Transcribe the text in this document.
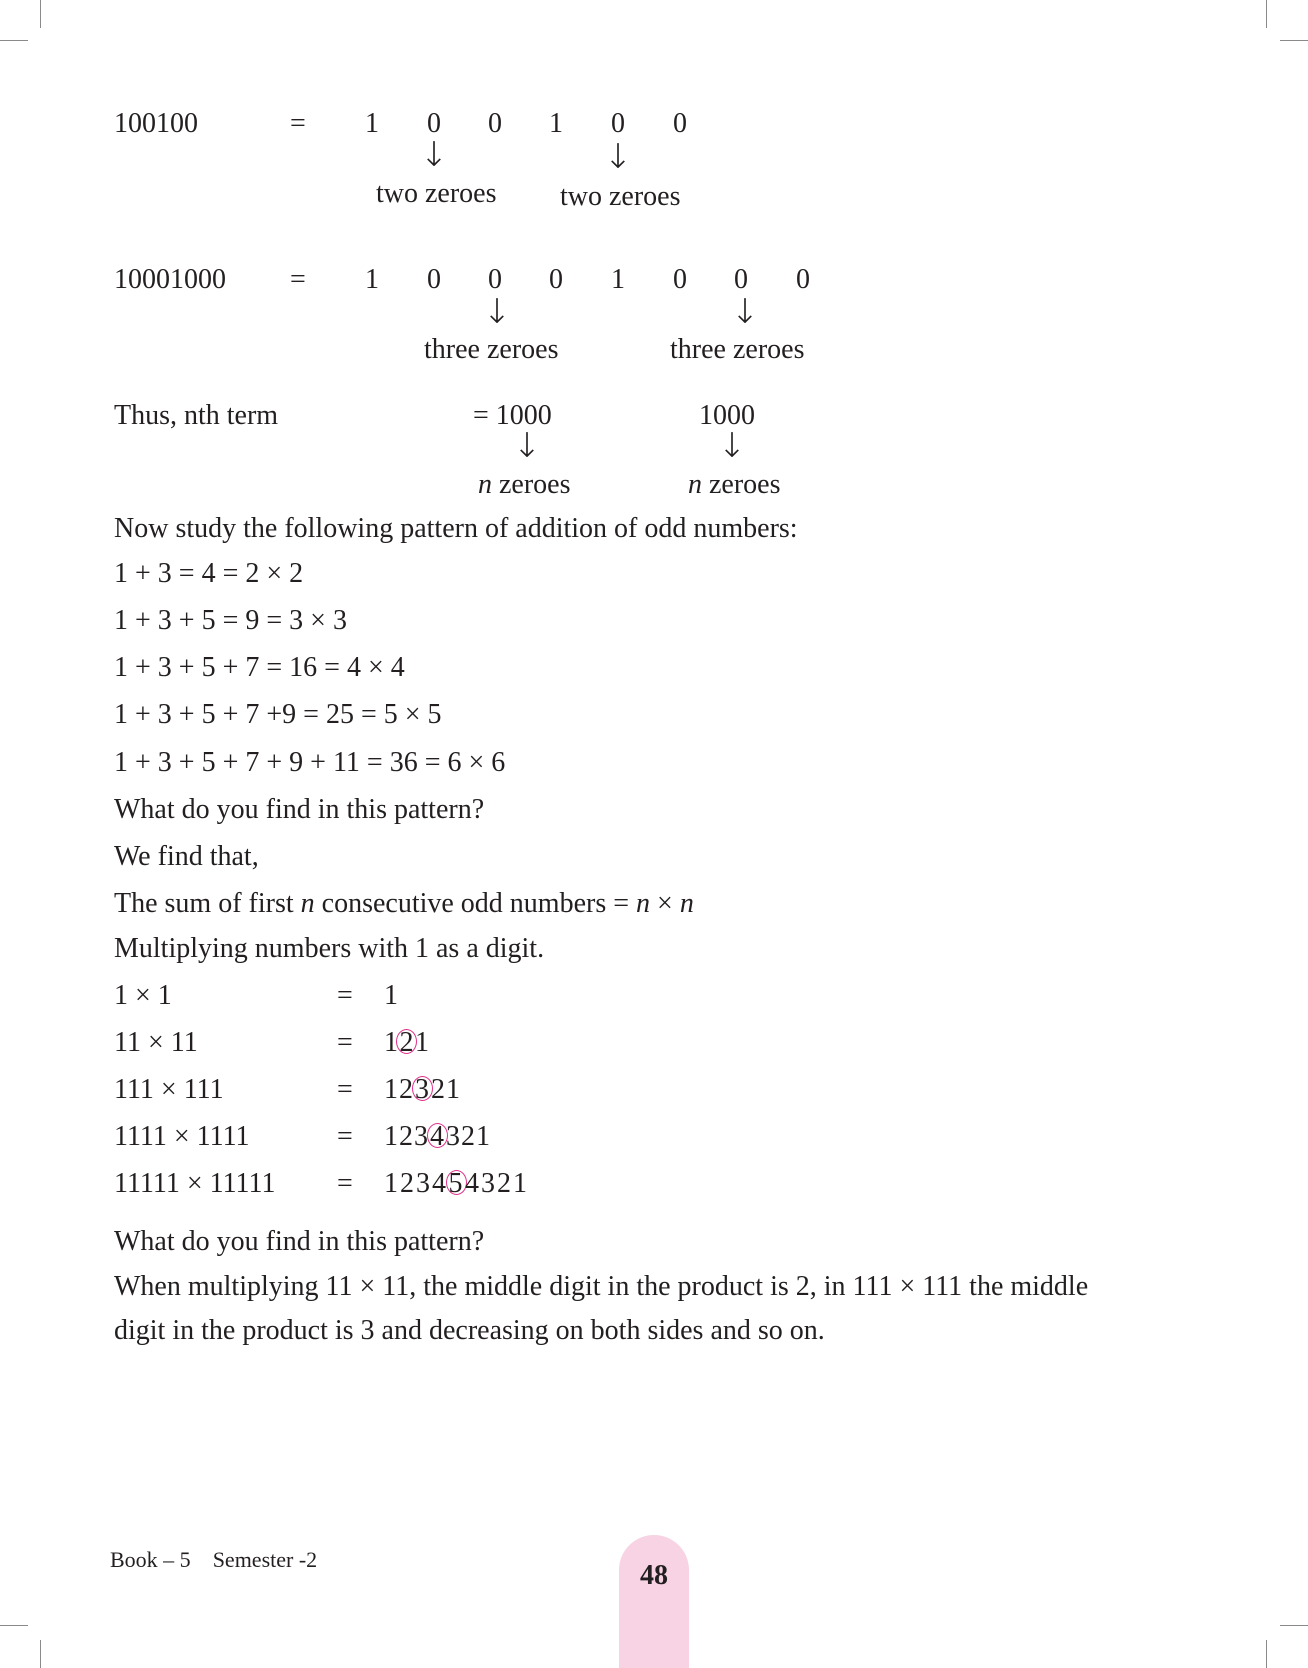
100100	= 1 0 0 1 0 0
↓	↓
two zeroes two zeroes
10001000 = 1 0 0 0 1 0 0 0
↓	↓
three zeroes	three zeroes
Thus, nth term	= 1000	1000
↓	↓
n zeroes	n zeroes
Now study the following pattern of addition of odd numbers:
1 + 3 = 4 = 2 × 2
1 + 3 + 5 = 9 = 3 × 3
1 + 3 + 5 + 7 = 16 = 4 × 4
1 + 3 + 5 + 7 +9 = 25 = 5 × 5
1 + 3 + 5 + 7 + 9 + 11 = 36 = 6 × 6
What do you find in this pattern?
We find that,
The sum of first n consecutive odd numbers = n × n
Multiplying numbers with 1 as a digit.
1 × 1	= 1
11 × 11	= 121
111 × 111	= 12321
1111 × 1111	= 1234321
11111 × 11111 = 123454321
What do you find in this pattern?
When multiplying 11 × 11, the middle digit in the product is 2, in 111 × 111 the middle
digit in the product is 3 and decreasing on both sides and so on.
Book – 5 Semester -2
48
